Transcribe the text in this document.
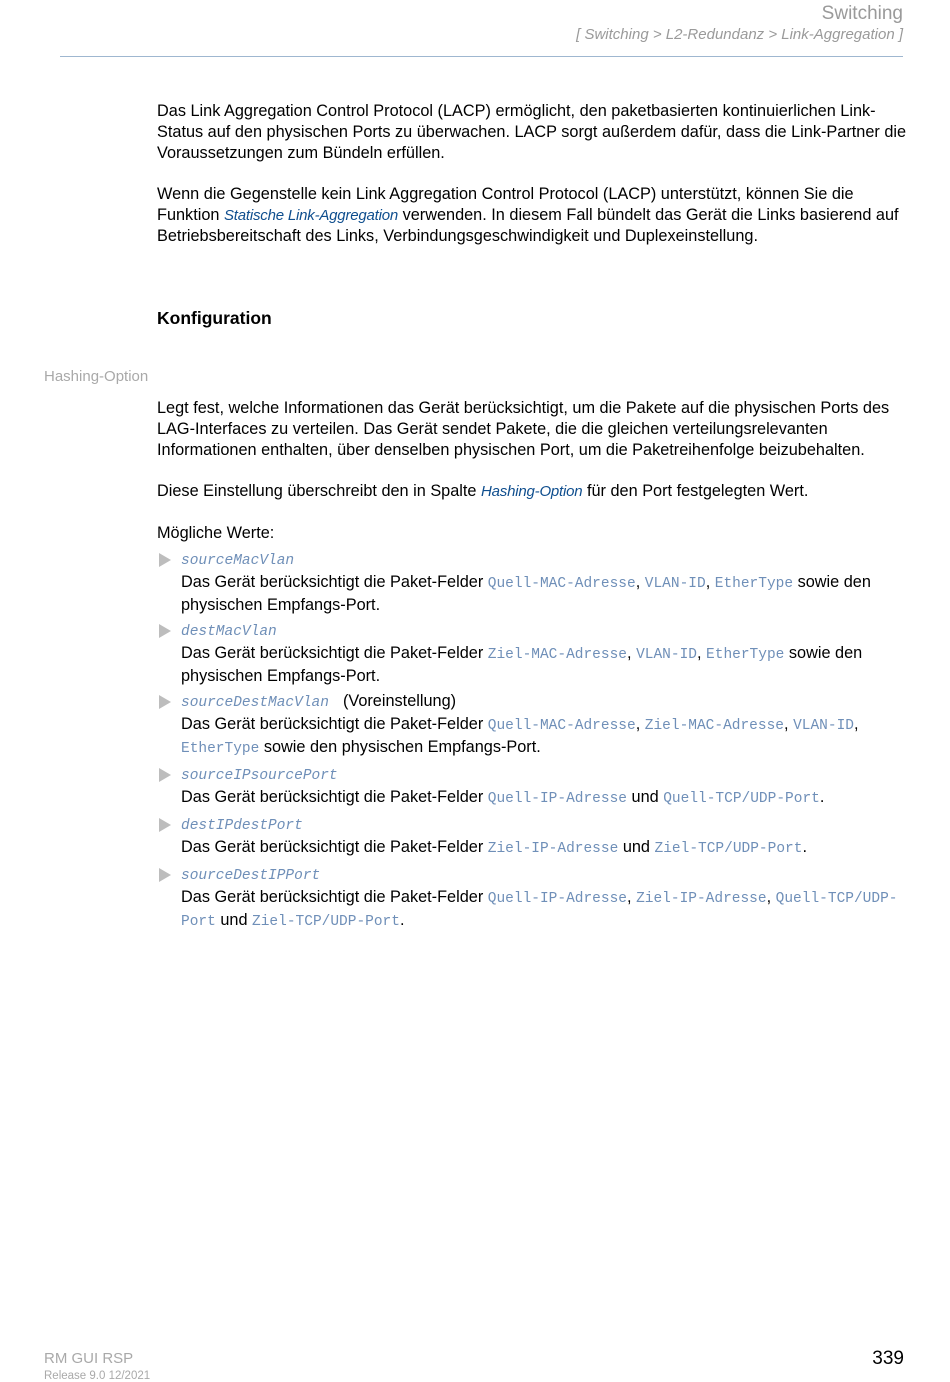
Switching
[ Switching > L2-Redundanz > Link-Aggregation ]

Das Link Aggregation Control Protocol (LACP) ermöglicht, den paketbasierten kontinuierlichen Link-Status auf den physischen Ports zu überwachen. LACP sorgt außerdem dafür, dass die Link-Partner die Voraussetzungen zum Bündeln erfüllen.

Wenn die Gegenstelle kein Link Aggregation Control Protocol (LACP) unterstützt, können Sie die Funktion Statische Link-Aggregation verwenden. In diesem Fall bündelt das Gerät die Links basierend auf Betriebsbereitschaft des Links, Verbindungsgeschwindigkeit und Duplexeinstellung.

Konfiguration
Hashing-Option

Legt fest, welche Informationen das Gerät berücksichtigt, um die Pakete auf die physischen Ports des LAG-Interfaces zu verteilen. Das Gerät sendet Pakete, die die gleichen verteilungsrelevanten Informationen enthalten, über denselben physischen Port, um die Paketreihenfolge beizubehalten.

Diese Einstellung überschreibt den in Spalte Hashing-Option für den Port festgelegten Wert.

Mögliche Werte:

sourceMacVlan
Das Gerät berücksichtigt die Paket-Felder Quell-MAC-Adresse, VLAN-ID, EtherType sowie den physischen Empfangs-Port.
destMacVlan
Das Gerät berücksichtigt die Paket-Felder Ziel-MAC-Adresse, VLAN-ID, EtherType sowie den physischen Empfangs-Port.
sourceDestMacVlan (Voreinstellung)
Das Gerät berücksichtigt die Paket-Felder Quell-MAC-Adresse, Ziel-MAC-Adresse, VLAN-ID, EtherType sowie den physischen Empfangs-Port.
sourceIPsourcePort
Das Gerät berücksichtigt die Paket-Felder Quell-IP-Adresse und Quell-TCP/UDP-Port.
destIPdestPort
Das Gerät berücksichtigt die Paket-Felder Ziel-IP-Adresse und Ziel-TCP/UDP-Port.
sourceDestIPPort
Das Gerät berücksichtigt die Paket-Felder Quell-IP-Adresse, Ziel-IP-Adresse, Quell-TCP/UDP-Port und Ziel-TCP/UDP-Port.
RM GUI RSP
Release 9.0 12/2021
339
